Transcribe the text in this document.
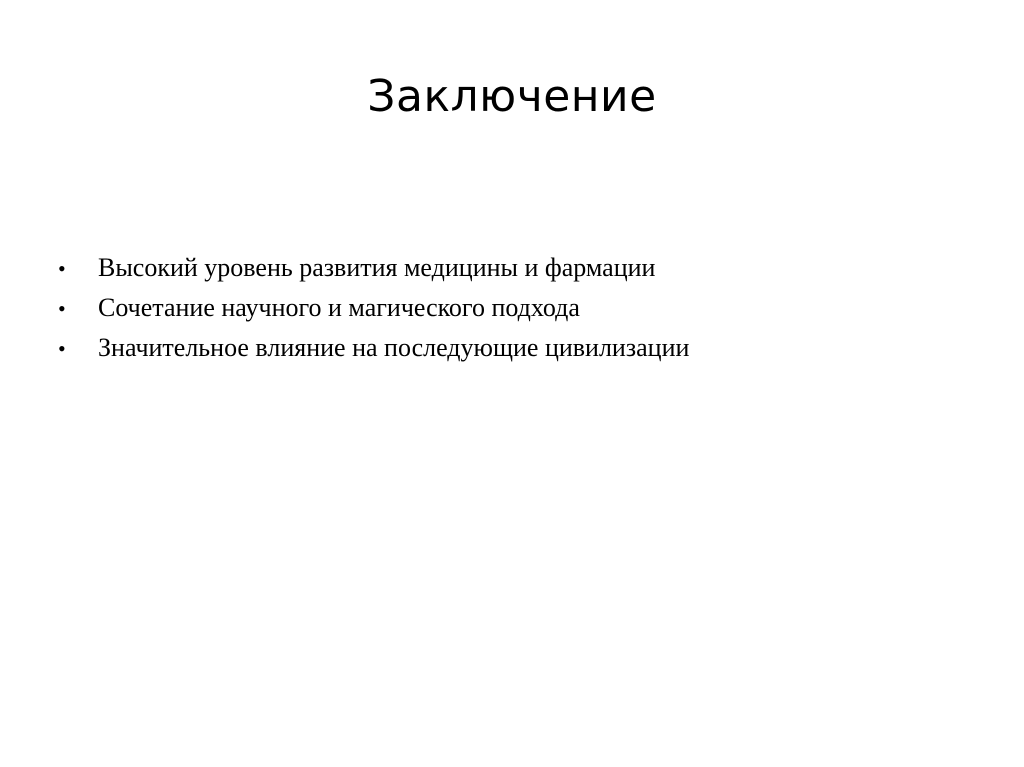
Заключение
•	Высокий уровень развития медицины и фармации
•	Сочетание научного и магического подхода
•	Значительное влияние на последующие цивилизации
